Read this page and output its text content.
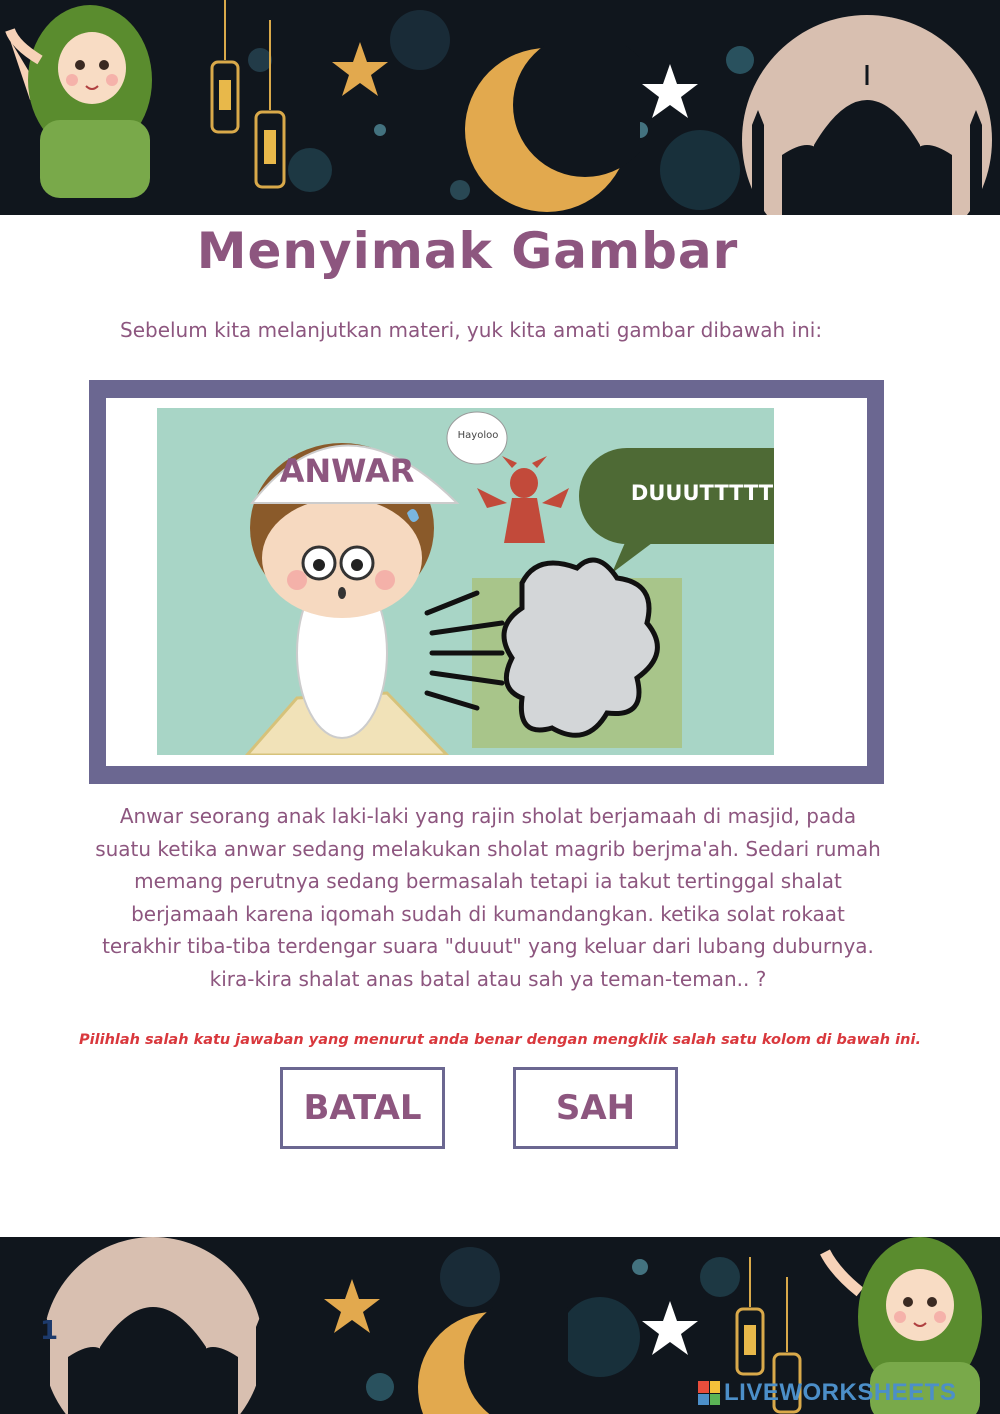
Menyimak Gambar
Sebelum kita melanjutkan materi, yuk kita amati gambar dibawah ini:
ANWAR
Hayoloo
DUUUTTTTT
Anwar seorang anak laki-laki yang rajin sholat berjamaah di masjid, pada
suatu ketika anwar sedang melakukan sholat magrib berjma'ah. Sedari rumah
memang perutnya sedang bermasalah tetapi ia takut tertinggal shalat
berjamaah karena iqomah sudah di kumandangkan. ketika solat rokaat
terakhir tiba-tiba terdengar suara "duuut" yang keluar dari lubang duburnya.
kira-kira shalat anas batal atau sah ya teman-teman.. ?
Pilihlah salah katu jawaban yang menurut anda benar dengan mengklik salah satu kolom di bawah ini.
BATAL	SAH
1
LIVEWORKSHEETS
